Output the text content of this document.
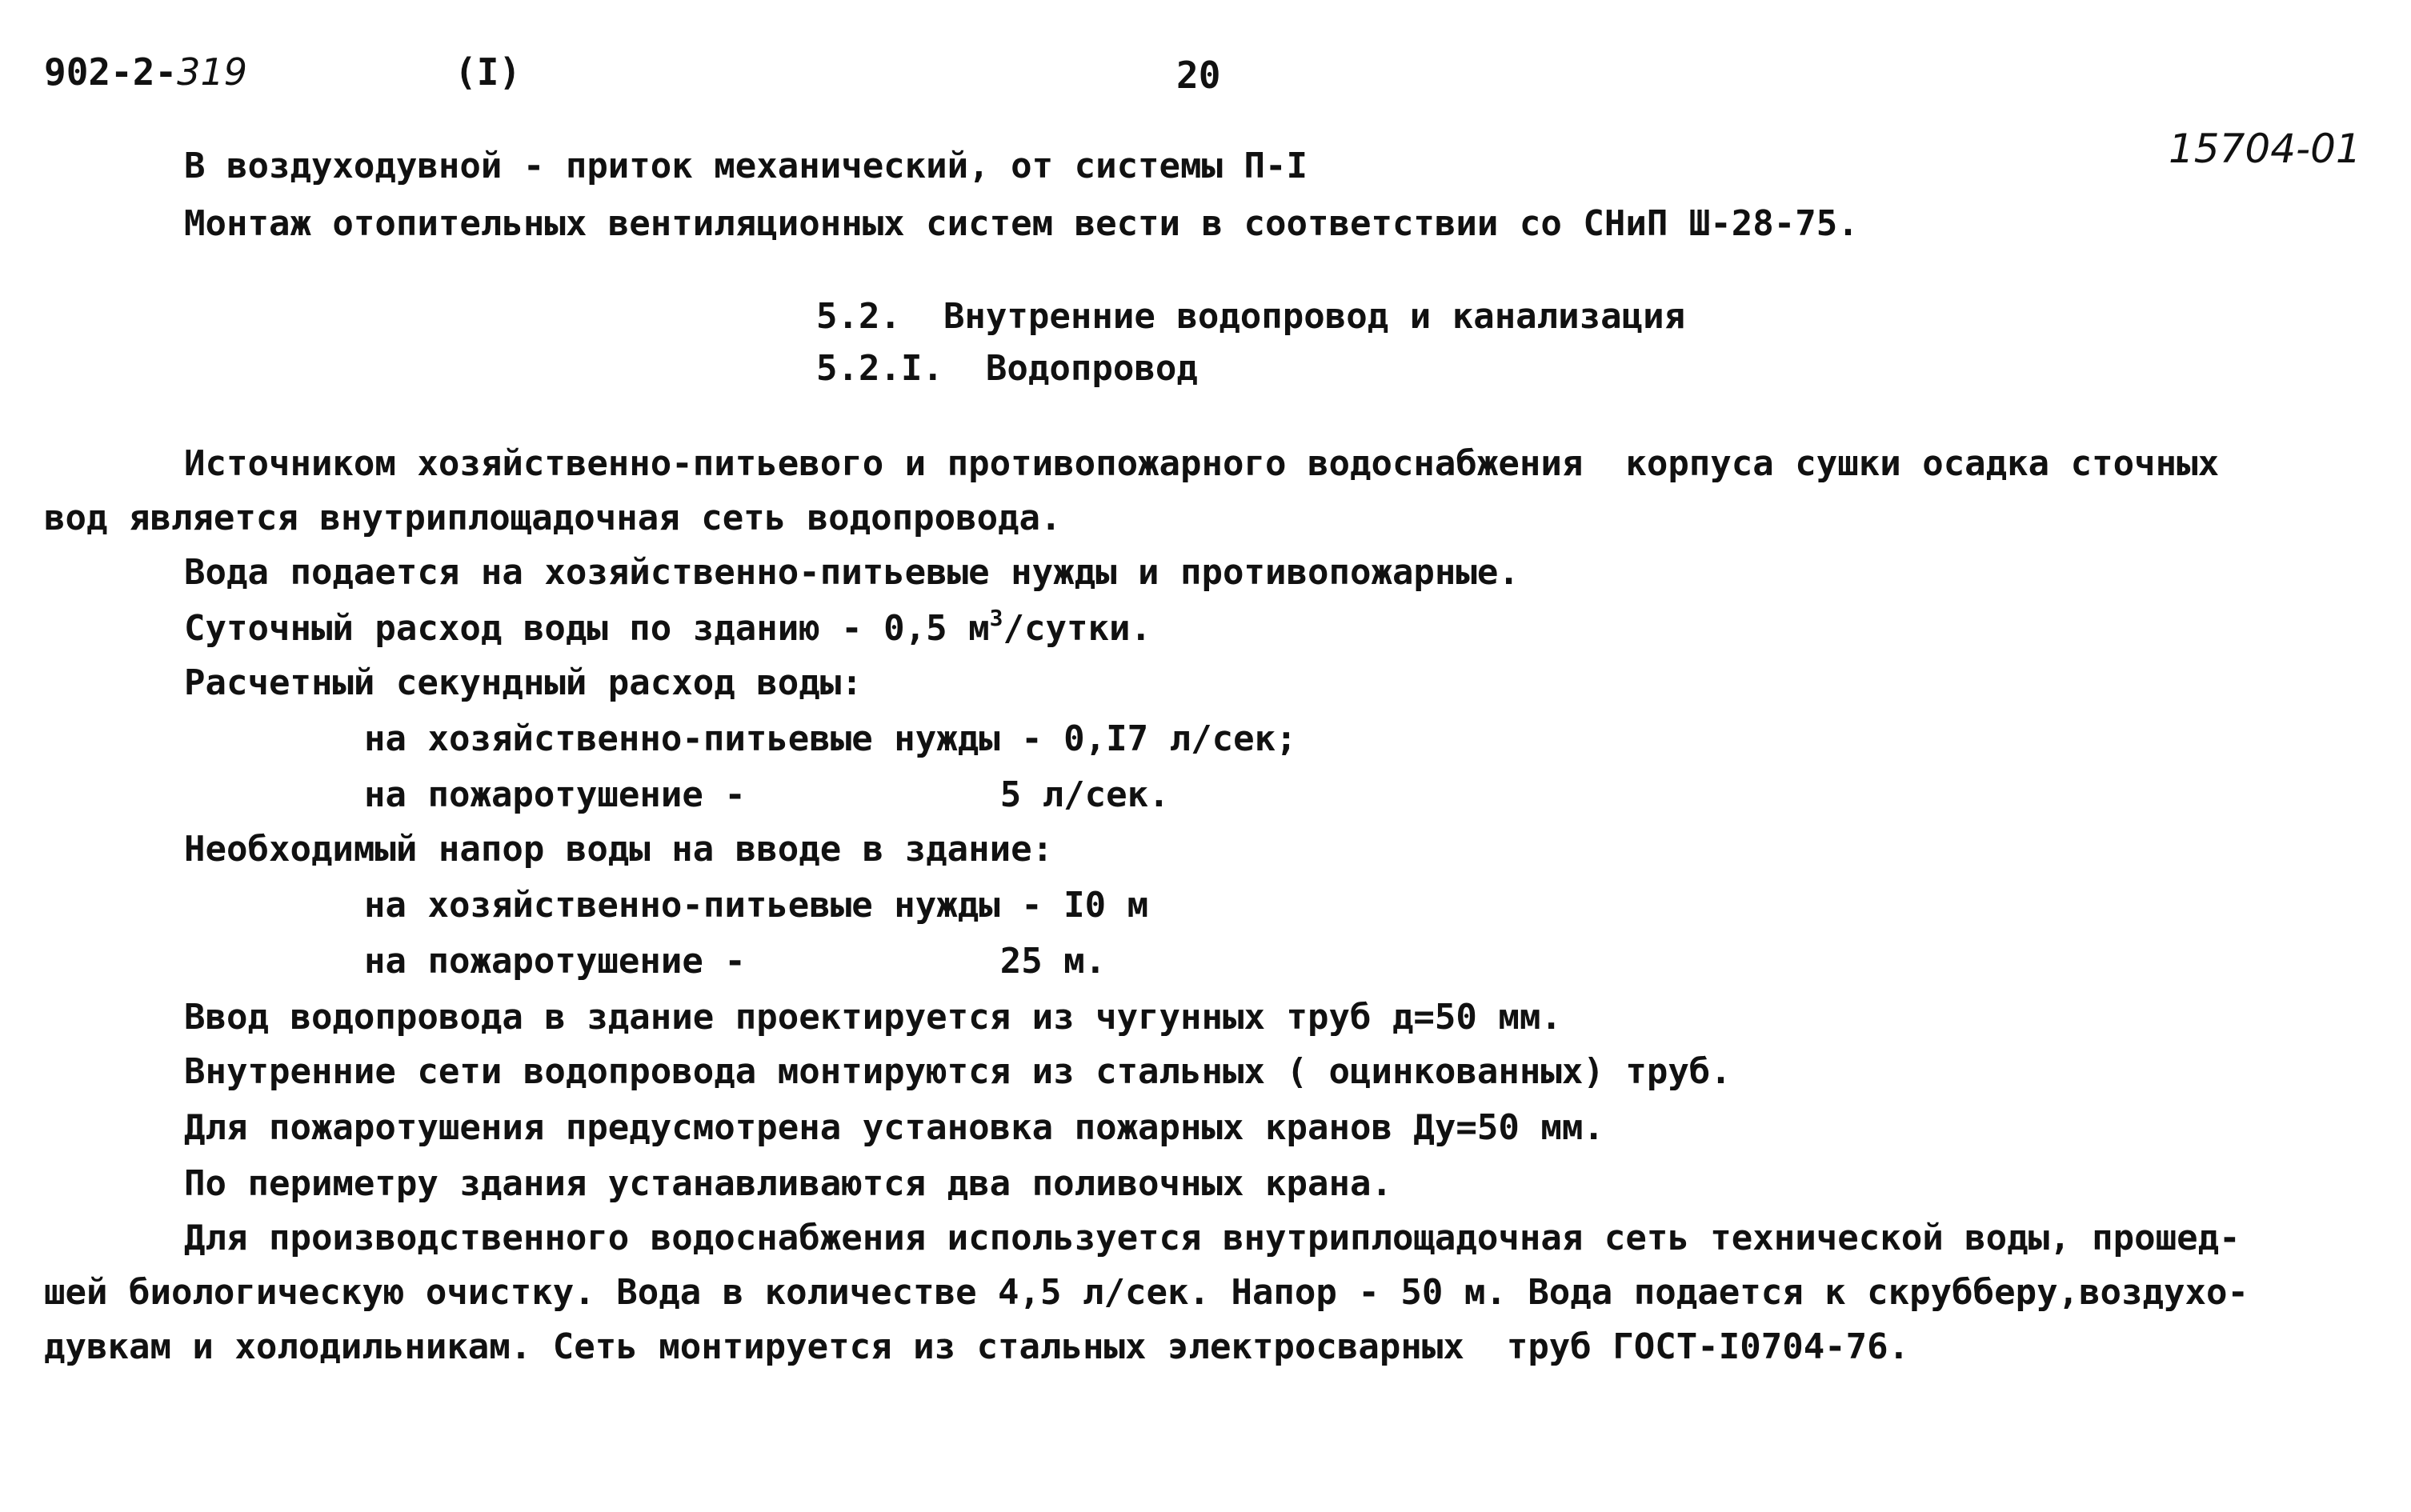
902-2-319	(I)	20
15704-01
В воздуходувной - приток механический, от системы П-I
Монтаж отопительных вентиляционных систем вести в соответствии со СНиП Ш-28-75.
5.2.  Внутренние водопровод и канализация
5.2.I.  Водопровод
Источником хозяйственно-питьевого и противопожарного водоснабжения  корпуса сушки осадка сточных
вод является внутриплощадочная сеть водопровода.
Вода подается на хозяйственно-питьевые нужды и противопожарные.
Суточный расход воды по зданию - 0,5 $м^3$/сутки.
Расчетный секундный расход воды:
на хозяйственно-питьевые нужды - 0,I7 л/сек;
на пожаротушение -            5 л/сек.
Необходимый напор воды на вводе в здание:
на хозяйственно-питьевые нужды - I0 м
на пожаротушение -            25 м.
Ввод водопровода в здание проектируется из чугунных труб д=50 мм.
Внутренние сети водопровода монтируются из стальных ( оцинкованных) труб.
Для пожаротушения предусмотрена установка пожарных кранов Ду=50 мм.
По периметру здания устанавливаются два поливочных крана.
Для производственного водоснабжения используется внутриплощадочная сеть технической воды, прошед-
шей биологическую очистку. Вода в количестве 4,5 л/сек. Напор - 50 м. Вода подается к скрубберу,воздухо-
дувкам и холодильникам. Сеть монтируется из стальных электросварных  труб ГОСТ-I0704-76.
